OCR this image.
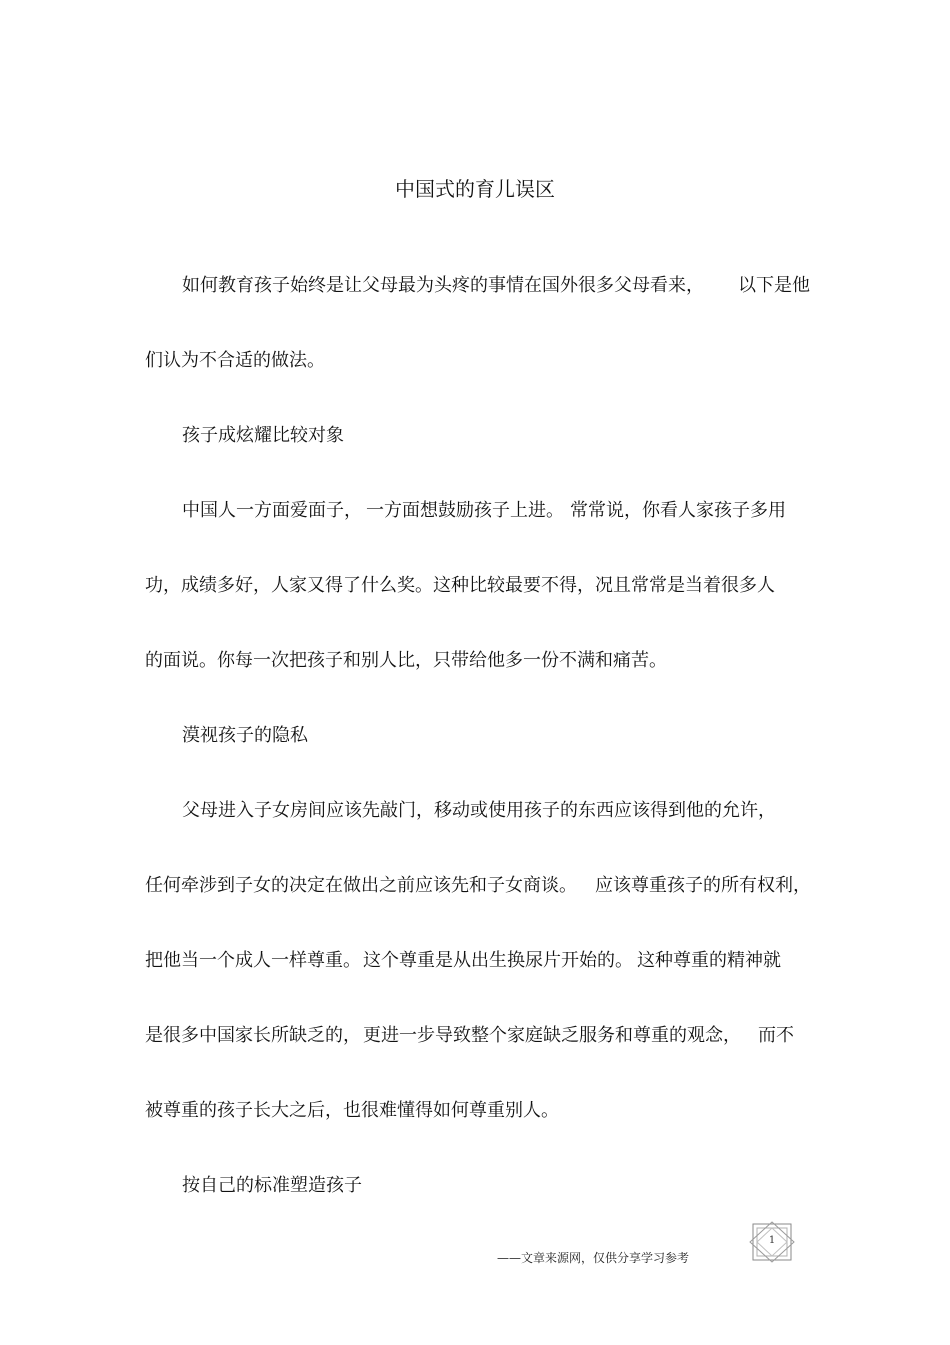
中国式的育儿误区
如何教育孩子始终是让父母最为头疼的事情在国外很多父母看来， 以下是他
们认为不合适的做法。
孩子成炫耀比较对象
中国人一方面爱面子， 一方面想鼓励孩子上进。 常常说，你看人家孩子多用
功，成绩多好，人家又得了什么奖。这种比较最要不得，况且常常是当着很多人
的面说。你每一次把孩子和别人比，只带给他多一份不满和痛苦。
漠视孩子的隐私
父母进入子女房间应该先敲门，移动或使用孩子的东西应该得到他的允许，
任何牵涉到子女的决定在做出之前应该先和子女商谈。 应该尊重孩子的所有权利，
把他当一个成人一样尊重。 这个尊重是从出生换尿片开始的。 这种尊重的精神就
是很多中国家长所缺乏的， 更进一步导致整个家庭缺乏服务和尊重的观念， 而不
被尊重的孩子长大之后，也很难懂得如何尊重别人。
按自己的标准塑造孩子
——文章来源网，仅供分享学习参考
1
